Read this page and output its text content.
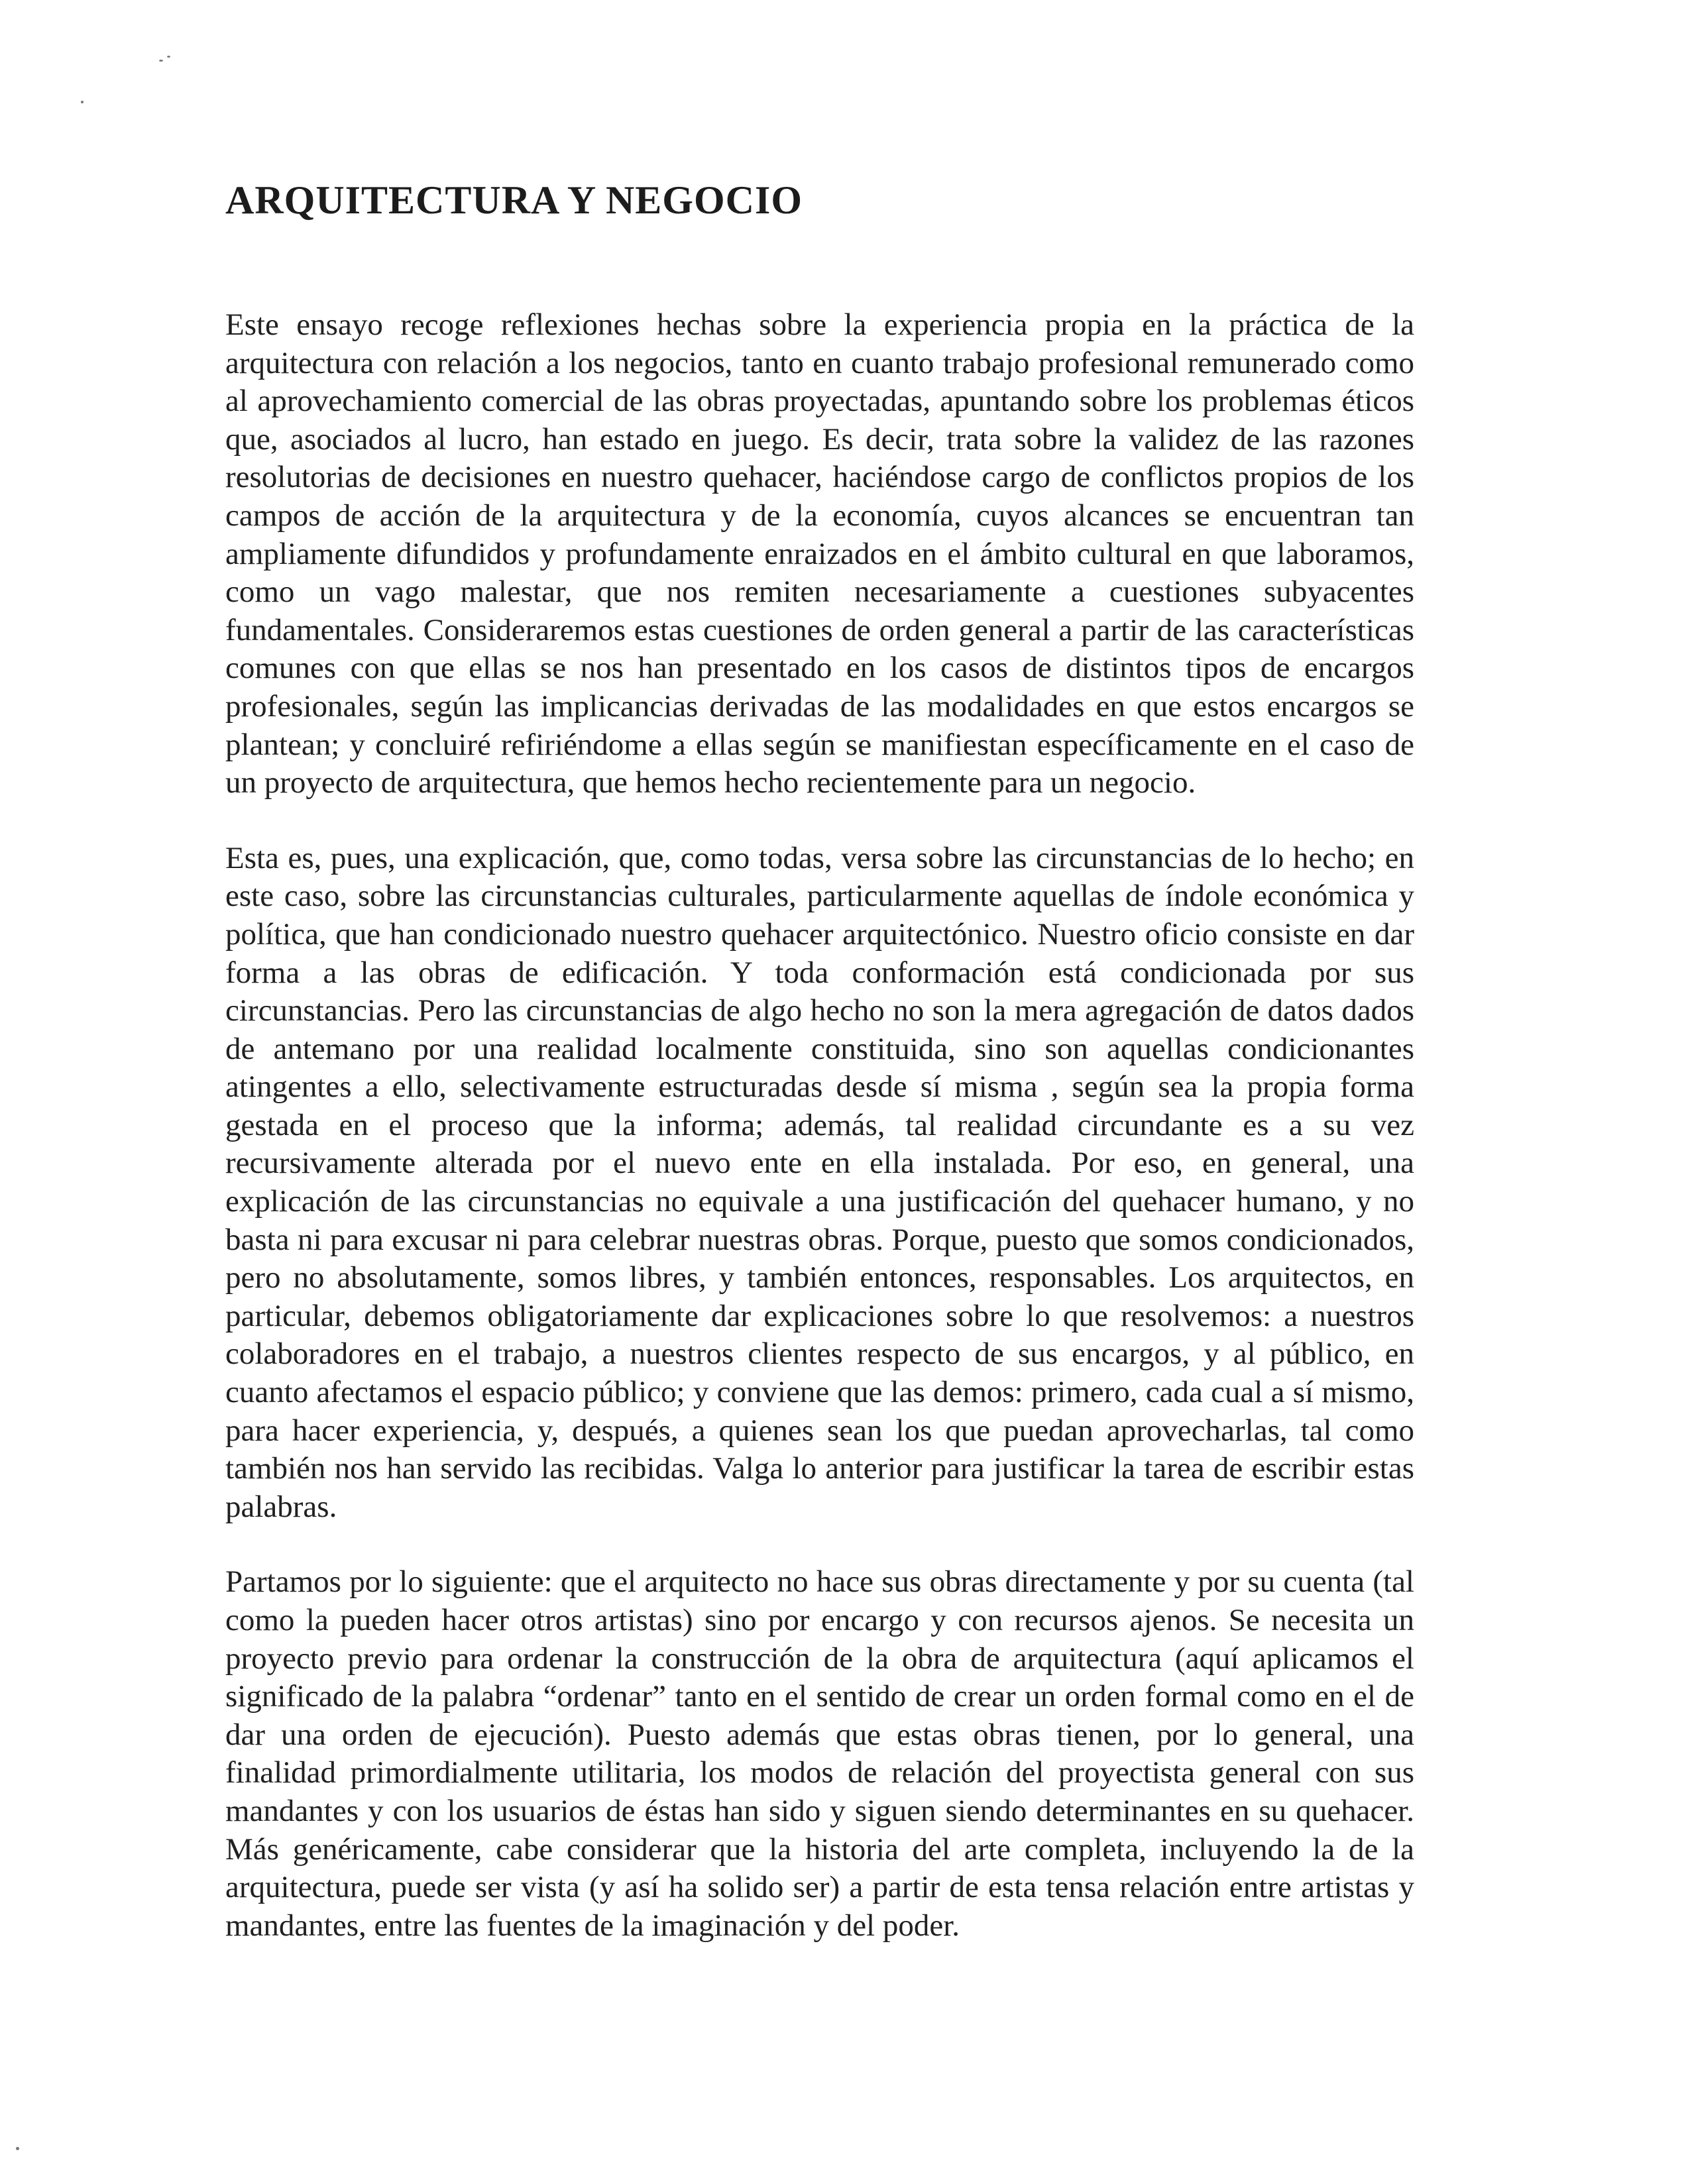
ARQUITECTURA Y NEGOCIO

Este ensayo recoge reflexiones hechas sobre la experiencia propia en la práctica de la arquitectura con relación a los negocios, tanto en cuanto trabajo profesional remunerado como al aprovechamiento comercial de las obras proyectadas, apuntando sobre los problemas éticos que, asociados al lucro, han estado en juego. Es decir, trata sobre la validez de las razones resolutorias de decisiones en nuestro quehacer, haciéndose cargo de conflictos propios de los campos de acción de la arquitectura y de la economía, cuyos alcances se encuentran tan ampliamente difundidos y profundamente enraizados en el ámbito cultural en que laboramos, como un vago malestar, que nos remiten necesariamente a cuestiones subyacentes fundamentales. Consideraremos estas cuestiones de orden general a partir de las características comunes con que ellas se nos han presentado en los casos de distintos tipos de encargos profesionales, según las implicancias derivadas de las modalidades en que estos encargos se plantean; y concluiré refiriéndome a ellas según se manifiestan específicamente en el caso de un proyecto de arquitectura, que hemos hecho recientemente para un negocio.

Esta es, pues, una explicación, que, como todas, versa sobre las circunstancias de lo hecho; en este caso, sobre las circunstancias culturales, particularmente aquellas de índole económica y política, que han condicionado nuestro quehacer arquitectónico. Nuestro oficio consiste en dar forma a las obras de edificación. Y toda conformación está condicionada por sus circunstancias. Pero las circunstancias de algo hecho no son la mera agregación de datos dados de antemano por una realidad localmente constituida, sino son aquellas condicionantes atingentes a ello, selectivamente estructuradas desde sí misma , según sea la propia forma gestada en el proceso que la informa; además, tal realidad circundante es a su vez recursivamente alterada por el nuevo ente en ella instalada. Por eso, en general, una explicación de las circunstancias no equivale a una justificación del quehacer humano, y no basta ni para excusar ni para celebrar nuestras obras. Porque, puesto que somos condicionados, pero no absolutamente, somos libres, y también entonces, responsables. Los arquitectos, en particular, debemos obligatoriamente dar explicaciones sobre lo que resolvemos: a nuestros colaboradores en el trabajo, a nuestros clientes respecto de sus encargos, y al público, en cuanto afectamos el espacio público; y conviene que las demos: primero, cada cual a sí mismo, para hacer experiencia, y, después, a quienes sean los que puedan aprovecharlas, tal como también nos han servido las recibidas. Valga lo anterior para justificar la tarea de escribir estas palabras.

Partamos por lo siguiente: que el arquitecto no hace sus obras directamente y por su cuenta (tal como la pueden hacer otros artistas) sino por encargo y con recursos ajenos. Se necesita un proyecto previo para ordenar la construcción de la obra de arquitectura (aquí aplicamos el significado de la palabra “ordenar” tanto en el sentido de crear un orden formal como en el de dar una orden de ejecución). Puesto además que estas obras tienen, por lo general, una finalidad primordialmente utilitaria, los modos de relación del proyectista general con sus mandantes y con los usuarios de éstas han sido y siguen siendo determinantes en su quehacer. Más genéricamente, cabe considerar que la historia del arte completa, incluyendo la de la arquitectura, puede ser vista (y así ha solido ser) a partir de esta tensa relación entre artistas y mandantes, entre las fuentes de la imaginación y del poder.
